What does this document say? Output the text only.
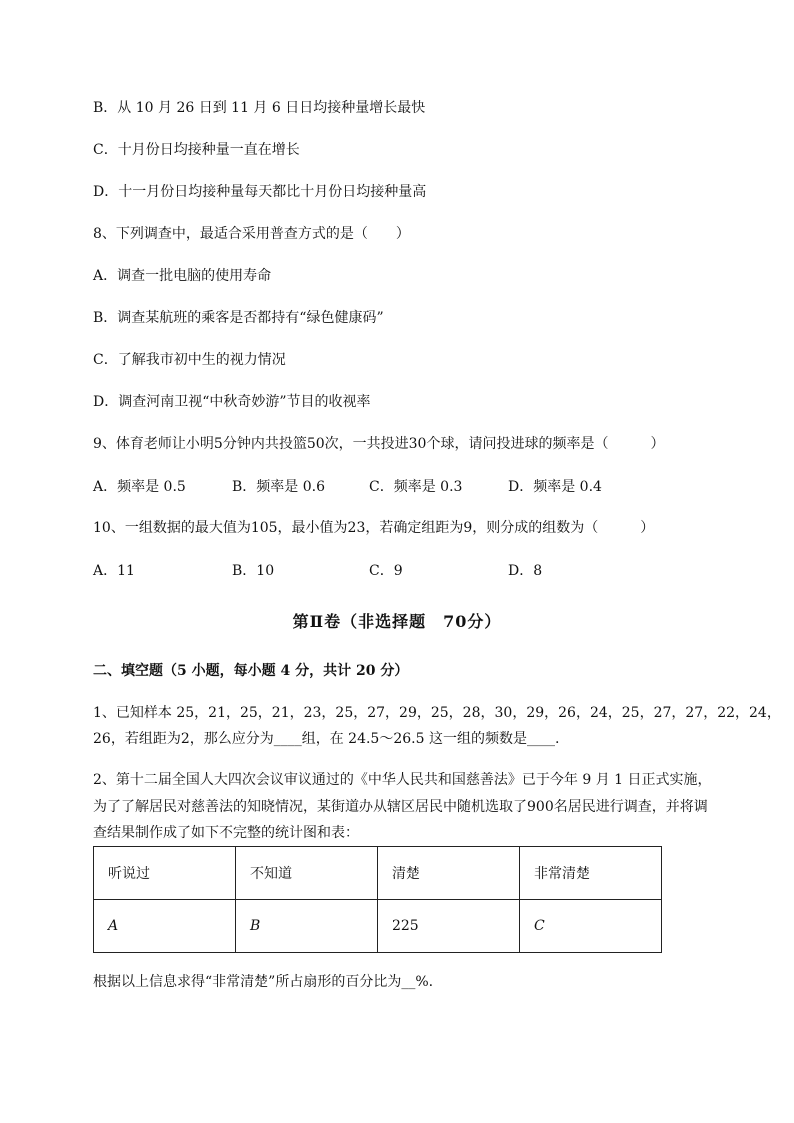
B．从 10 月 26 日到 11 月 6 日日均接种量增长最快
C．十月份日均接种量一直在增长
D．十一月份日均接种量每天都比十月份日均接种量高
8、下列调查中，最适合采用普查方式的是（　　）
A．调查一批电脑的使用寿命
B．调查某航班的乘客是否都持有“绿色健康码”
C．了解我市初中生的视力情况
D．调查河南卫视“中秋奇妙游”节目的收视率
9、体育老师让小明5分钟内共投篮50次，一共投进30个球，请问投进球的频率是（　　　）
A．频率是 0.5	B．频率是 0.6	C．频率是 0.3	D．频率是 0.4
10、一组数据的最大值为105，最小值为23，若确定组距为9，则分成的组数为（　　　）
A．11	B．10	C．9	D．8
第Ⅱ卷（非选择题　70分）
二、填空题（5 小题，每小题 4 分，共计 20 分）
1、已知样本 25，21，25，21，23，25，27，29，25，28，30，29，26，24，25，27，27，22，24，
26，若组距为2，那么应分为____组，在 24.5～26.5 这一组的频数是____.
2、第十二届全国人大四次会议审议通过的《中华人民共和国慈善法》已于今年 9 月 1 日正式实施，
为了了解居民对慈善法的知晓情况，某街道办从辖区居民中随机选取了900名居民进行调查，并将调
查结果制作成了如下不完整的统计图和表：
听说过	不知道	清楚	非常清楚
A	B	225	C
根据以上信息求得“非常清楚”所占扇形的百分比为__%.
